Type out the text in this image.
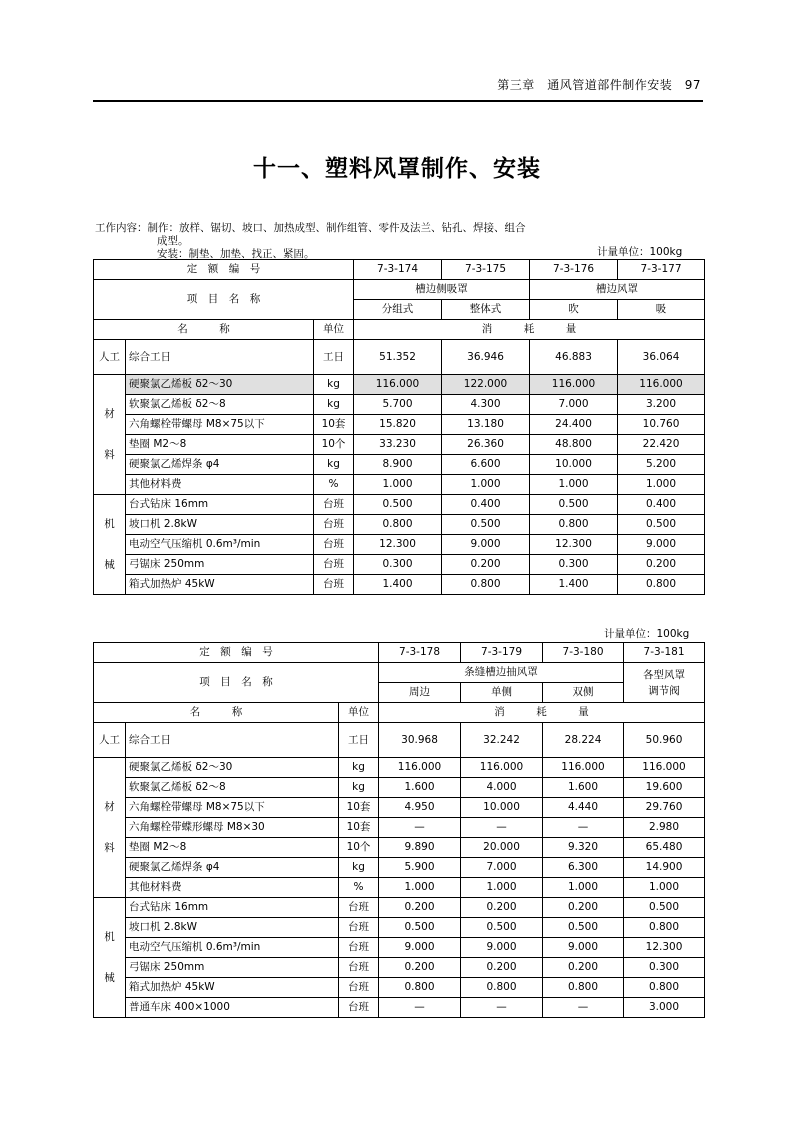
第三章　通风管道部件制作安装　97
十一、塑料风罩制作、安装
工作内容：制作：放样、锯切、坡口、加热成型、制作组管、零件及法兰、钻孔、焊接、组合
成型。
安装：制垫、加垫、找正、紧固。	计量单位：100kg
定　额　编　号			7-3-174	7-3-175	7-3-176	7-3-177
项　目　名　称			槽边侧吸罩		槽边风罩	
			分组式	整体式	吹	吸
名　　　称		单位	消　　　耗　　　量			
人工	综合工日	工日	51.352	36.946	46.883	36.064

材
料	硬聚氯乙烯板 δ2～30	kg	116.000	122.000	116.000	116.000
	软聚氯乙烯板 δ2～8	kg	5.700	4.300	7.000	3.200
	六角螺栓带螺母 M8×75以下	10套	15.820	13.180	24.400	10.760
	垫圈 M2～8	10个	33.230	26.360	48.800	22.420
	硬聚氯乙烯焊条 φ4	kg	8.900	6.600	10.000	5.200
	其他材料费	%	1.000	1.000	1.000	1.000

机
械	台式钻床 16mm	台班	0.500	0.400	0.500	0.400
	坡口机 2.8kW	台班	0.800	0.500	0.800	0.500
	电动空气压缩机 0.6m³/min	台班	12.300	9.000	12.300	9.000
	弓锯床 250mm	台班	0.300	0.200	0.300	0.200
	箱式加热炉 45kW	台班	1.400	0.800	1.400	0.800
计量单位：100kg
定　额　编　号			7-3-178	7-3-179	7-3-180	7-3-181
项　目　名　称			条缝槽边抽风罩			各型风罩
调节阀

			周边	单侧	双侧	
名　　　称		单位	消　　　耗　　　量			
人工	综合工日	工日	30.968	32.242	28.224	50.960

材
料	硬聚氯乙烯板 δ2～30	kg	116.000	116.000	116.000	116.000
	软聚氯乙烯板 δ2～8	kg	1.600	4.000	1.600	19.600
	六角螺栓带螺母 M8×75以下	10套	4.950	10.000	4.440	29.760
	六角螺栓带蝶形螺母 M8×30	10套	—	—	—	2.980
	垫圈 M2～8	10个	9.890	20.000	9.320	65.480
	硬聚氯乙烯焊条 φ4	kg	5.900	7.000	6.300	14.900
	其他材料费	%	1.000	1.000	1.000	1.000

机
械	台式钻床 16mm	台班	0.200	0.200	0.200	0.500
	坡口机 2.8kW	台班	0.500	0.500	0.500	0.800
	电动空气压缩机 0.6m³/min	台班	9.000	9.000	9.000	12.300
	弓锯床 250mm	台班	0.200	0.200	0.200	0.300
	箱式加热炉 45kW	台班	0.800	0.800	0.800	0.800
	普通车床 400×1000	台班	—	—	—	3.000
